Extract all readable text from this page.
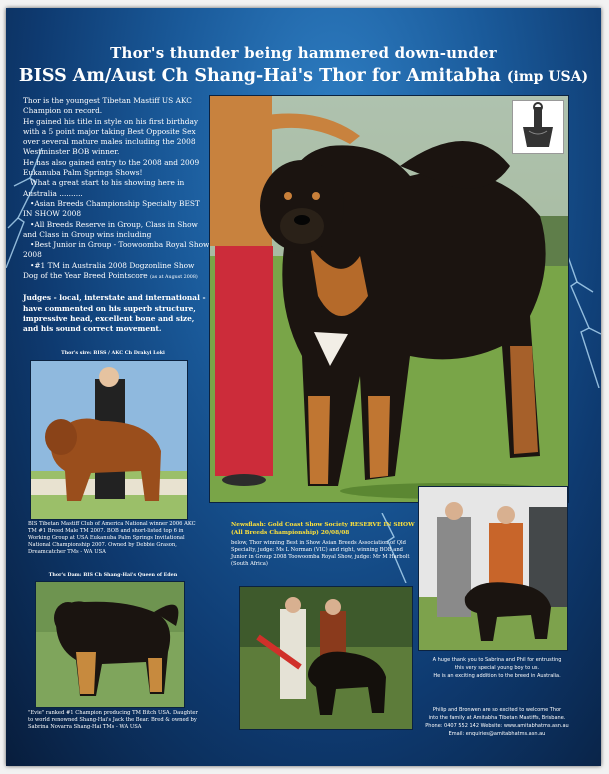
Thor's thunder being hammered down-under
BISS Am/Aust Ch Shang-Hai's Thor for Amitabha (imp USA)

Thor is the youngest Tibetan Mastiff US AKC Champion on record.

He gained his title in style on his first birthday with a 5 point major taking Best Opposite Sex over several mature males including the 2008 Westminster BOB winner.

He has also gained entry to the 2008 and 2009 Eukanuba Palm Springs Shows!

What a great start to his showing here in Australia ..........

•Asian Breeds Championship Specialty BEST IN SHOW 2008

•All Breeds Reserve in Group, Class in Show and Class in Group wins including

•Best Junior in Group - Toowoomba Royal Show 2008

•#1 TM in Australia 2008 Dogzonline Show Dog of the Year Breed Pointscore (as at August 2008)

Judges - local, interstate and international - have commented on his superb structure, impressive head, excellent bone and size, and his sound correct movement.

Thor's sire: BISS / AKC Ch Drakyi Loki
BIS Tibetan Mastiff Club of America National winner 2006 AKC TM #1 Breed Male TM 2007. BOB and short-listed top 6 in Working Group at USA Eukanuba Palm Springs Invitational National Championship 2007. Owned by Debbie Grason, Dreamcatcher TMs - WA USA
Thor's Dam: BIS Ch Shang-Hai's Queen of Eden
"Evie" ranked #1 Champion producing TM Bitch USA. Daughter to world renowned Shang-Hai's Jack the Bear. Bred & owned by Sabrina Novarra Shang-Hai TMs - WA USA
Newsflash: Gold Coast Show Society RESERVE IN SHOW (All Breeds Championship) 20/08/08
below, Thor winning Best in Show Asian Breeds Association of Qld Specialty, judge: Ms L Norman (VIC) and right, winning BOB and Junior in Group 2008 Toowoomba Royal Show, judge: Mr M Harbolt (South Africa)
A huge thank you to Sabrina and Phil for entrusting
this very special young boy to us.
He is an exciting addition to the breed in Australia.
Philip and Bronwen are so excited to welcome Thor
into the family at Amitabha Tibetan Mastiffs, Brisbane.
Phone: 0407 552 142 Website: www.amitabhatms.asn.au
Email: enquiries@amitabhatms.asn.au
